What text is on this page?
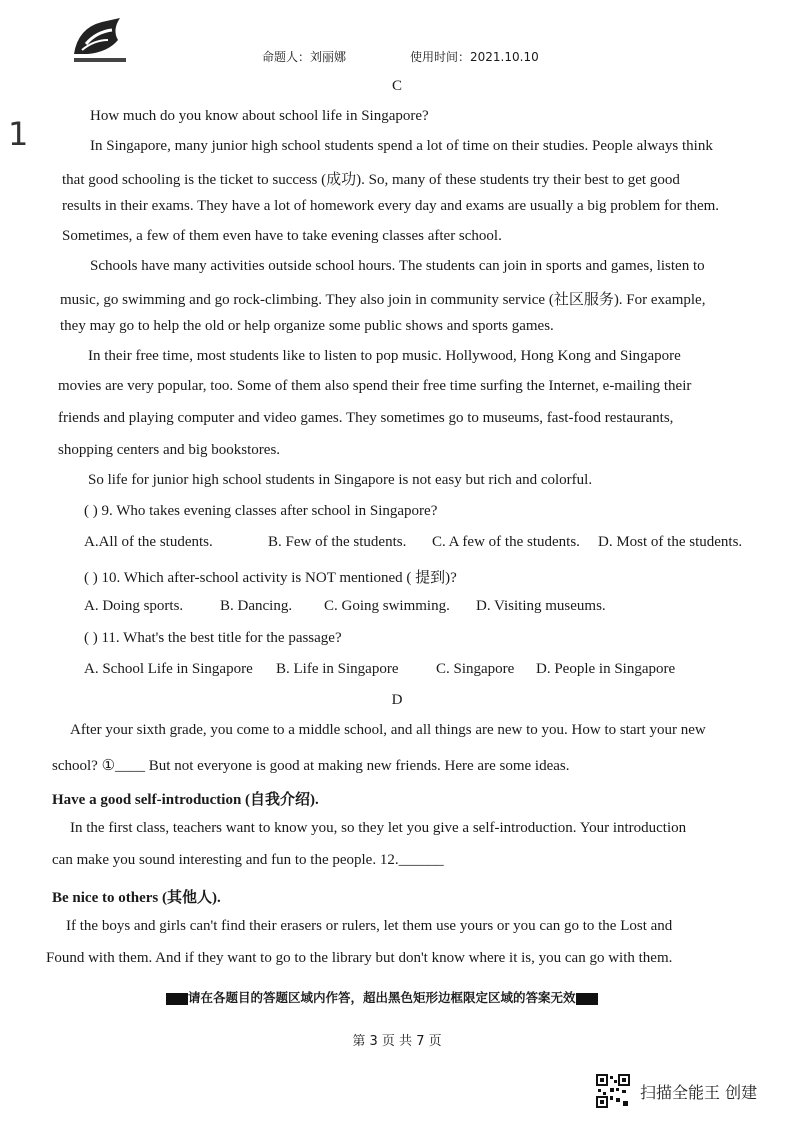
命题人：刘丽娜	使用时间：2021.10.10
1
C
How much do you know about school life in Singapore?
In Singapore, many junior high school students spend a lot of time on their studies. People always think
that good schooling is the ticket to success (成功). So, many of these students try their best to get good
results in their exams. They have a lot of homework every day and exams are usually a big problem for them.
Sometimes, a few of them even have to take evening classes after school.
Schools have many activities outside school hours. The students can join in sports and games, listen to
music, go swimming and go rock-climbing. They also join in community service (社区服务). For example,
they may go to help the old or help organize some public shows and sports games.
In their free time, most students like to listen to pop music. Hollywood, Hong Kong and Singapore
movies are very popular, too. Some of them also spend their free time surfing the Internet, e-mailing their
friends and playing computer and video games. They sometimes go to museums, fast-food restaurants,
shopping centers and big bookstores.
So life for junior high school students in Singapore is not easy but rich and colorful.
( ) 9. Who takes evening classes after school in Singapore?
A.All of the students.	B. Few of the students. C. A few of the students. D. Most of the students.
( ) 10. Which after-school activity is NOT mentioned ( 提到)?
A. Doing sports. B. Dancing. C. Going swimming. D. Visiting museums.
( ) 11. What's the best title for the passage?
A. School Life in Singapore B. Life in Singapore	C. Singapore D. People in Singapore
D
After your sixth grade, you come to a middle school, and all things are new to you. How to start your new
school? ①____ But not everyone is good at making new friends. Here are some ideas.
Have a good self-introduction (自我介绍).
In the first class, teachers want to know you, so they let you give a self-introduction. Your introduction
can make you sound interesting and fun to the people. 12.______
Be nice to others (其他人).
If the boys and girls can't find their erasers or rulers, let them use yours or you can go to the Lost and
Found with them. And if they want to go to the library but don't know where it is, you can go with them.
请在各题目的答题区域内作答，超出黑色矩形边框限定区域的答案无效
第 3 页 共 7 页
扫描全能王 创建
